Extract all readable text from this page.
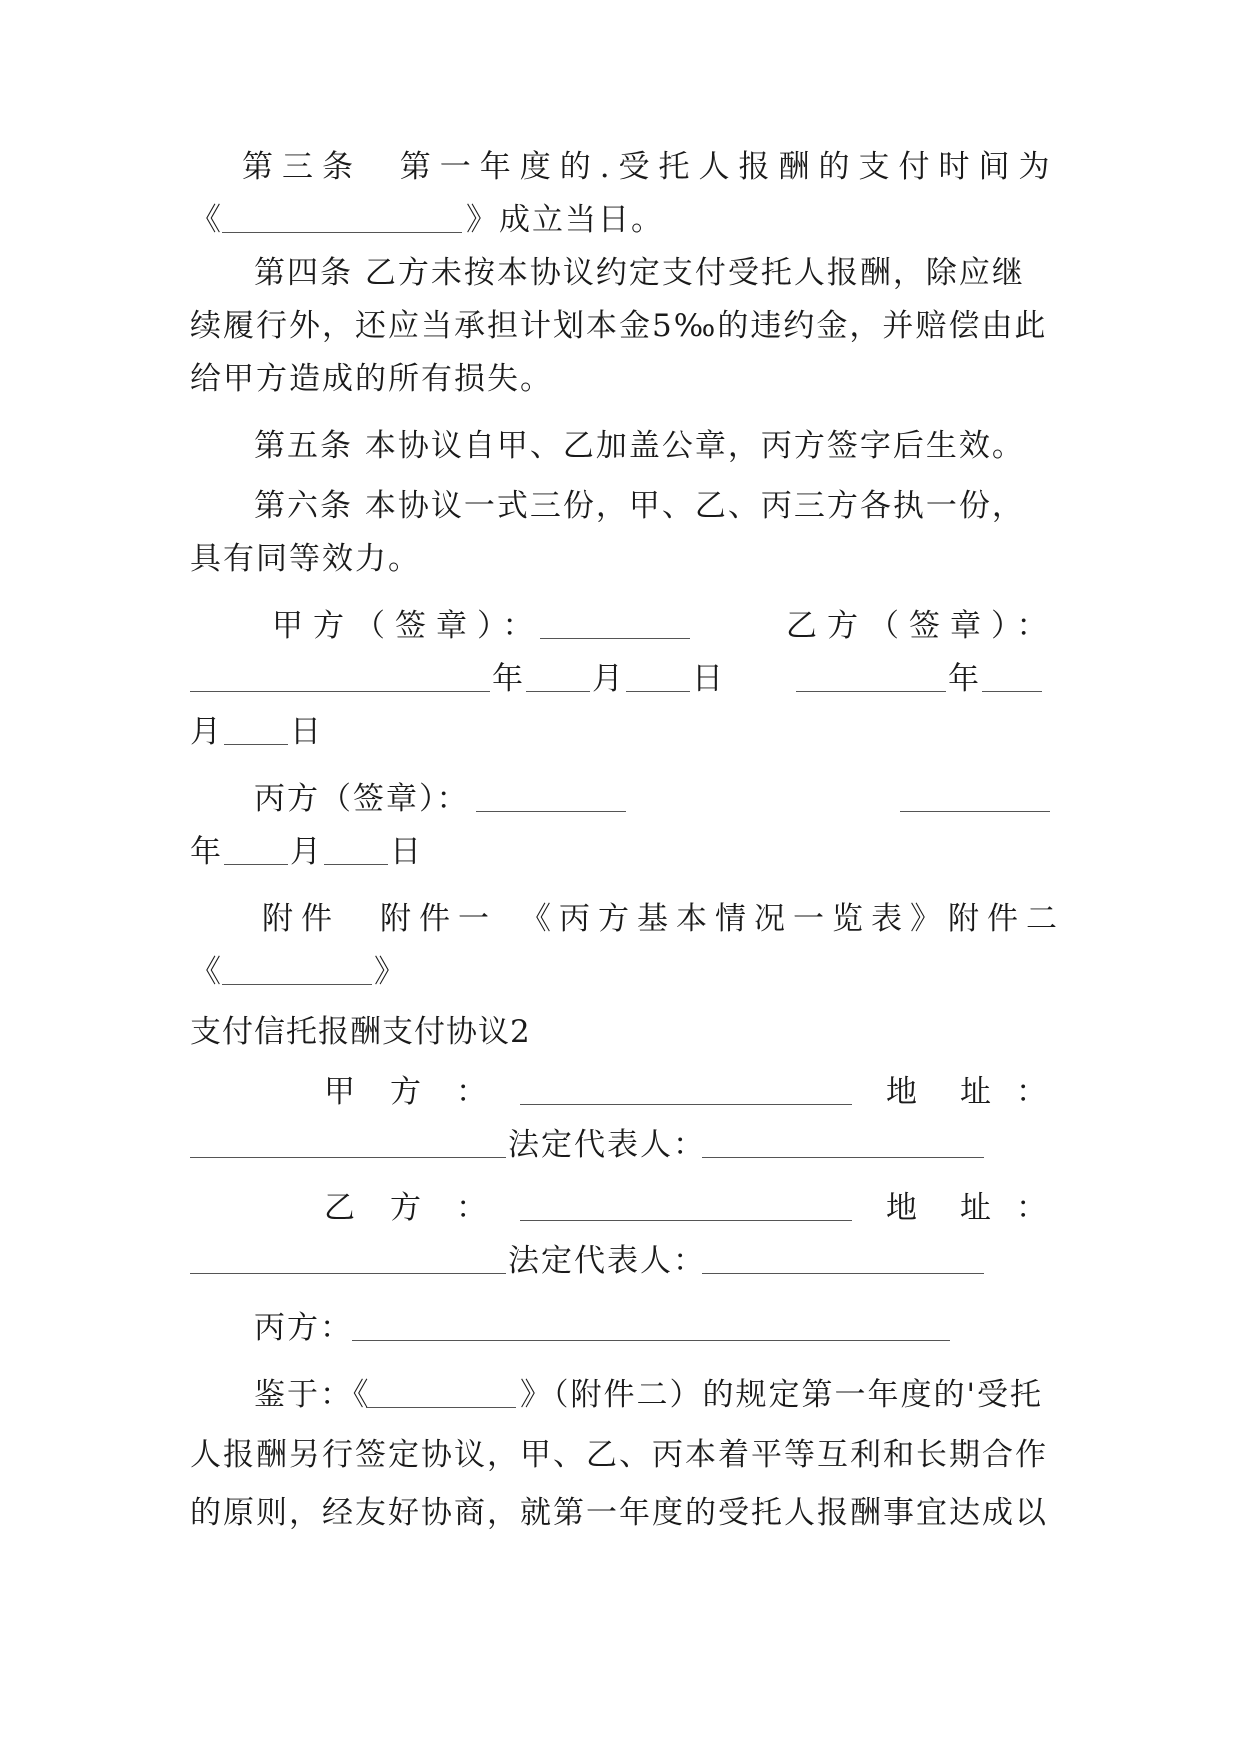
第三条  第一年度的.受托人报酬的支付时间为
《	》成立当日。
第四条 乙方未按本协议约定支付受托人报酬，除应继
续履行外，还应当承担计划本金5‰的违约金，并赔偿由此
给甲方造成的所有损失。
第五条 本协议自甲、乙加盖公章，丙方签字后生效。
第六条 本协议一式三份，甲、乙、丙三方各执一份，
具有同等效力。
甲方（签章）：	乙方（签章）：
年 月 日	年
月 日
丙方（签章）：
年 月 日
附件 附件一 《丙方基本情况一览表》 附件二
《	》
支付信托报酬支付协议2
甲 方 ：	地 址 ：
法定代表人：
乙 方 ：	地 址 ：
法定代表人：
丙方：
鉴于：《	》（附件二）的规定第一年度的'受托
人报酬另行签定协议，甲、乙、丙本着平等互利和长期合作
的原则，经友好协商，就第一年度的受托人报酬事宜达成以
